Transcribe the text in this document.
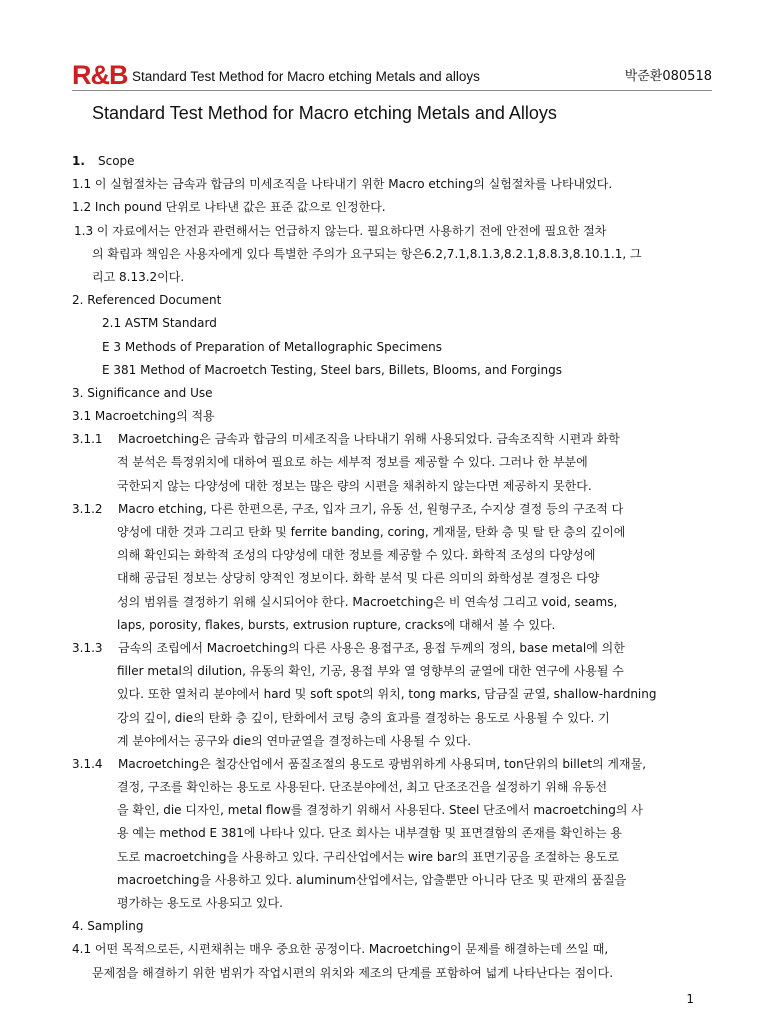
R&B Standard Test Method for Macro etching Metals and alloys	박준환080518
Standard Test Method for Macro etching Metals and Alloys
1. Scope
1.1 이 실험절차는 금속과 합금의 미세조직을 나타내기 위한 Macro etching의 실험절차를 나타내었다.
1.2 Inch pound 단위로 나타낸 값은 표준 값으로 인정한다.
1.3 이 자료에서는 안전과 관련해서는 언급하지 않는다. 필요하다면 사용하기 전에 안전에 필요한 절차
의 확립과 책임은 사용자에게 있다 특별한 주의가 요구되는 항은6.2,7.1,8.1.3,8.2.1,8.8.3,8.10.1.1, 그
리고 8.13.2이다.
2. Referenced Document
2.1 ASTM Standard
E 3 Methods of Preparation of Metallographic Specimens
E 381 Method of Macroetch Testing, Steel bars, Billets, Blooms, and Forgings
3. Significance and Use
3.1 Macroetching의 적용
3.1.1 Macroetching은 금속과 합금의 미세조직을 나타내기 위해 사용되었다. 금속조직학 시편과 화학
적 분석은 특정위치에 대하여 필요로 하는 세부적 정보를 제공할 수 있다. 그러나 한 부분에
국한되지 않는 다양성에 대한 정보는 많은 량의 시편을 채취하지 않는다면 제공하지 못한다.
3.1.2 Macro etching, 다른 한편으론, 구조, 입자 크기, 유동 선, 원형구조, 수지상 결정 등의 구조적 다
양성에 대한 것과 그리고 탄화 및 ferrite banding, coring, 게재물, 탄화 층 및 탈 탄 층의 깊이에
의해 확인되는 화학적 조성의 다양성에 대한 정보를 제공할 수 있다. 화학적 조성의 다양성에
대해 공급된 정보는 상당히 양적인 정보이다. 화학 분석 및 다른 의미의 화학성분 결정은 다양
성의 범위를 결정하기 위해 실시되어야 한다. Macroetching은 비 연속성 그리고 void, seams,
laps, porosity, flakes, bursts, extrusion rupture, cracks에 대해서 볼 수 있다.
3.1.3 금속의 조립에서 Macroetching의 다른 사용은 용접구조, 용접 두께의 정의, base metal에 의한
filler metal의 dilution, 유동의 확인, 기공, 용접 부와 열 영향부의 균열에 대한 연구에 사용될 수
있다. 또한 열처리 분야에서 hard 및 soft spot의 위치, tong marks, 담금질 균열, shallow-hardning
강의 깊이, die의 탄화 층 깊이, 탄화에서 코팅 층의 효과를 결정하는 용도로 사용될 수 있다. 기
계 분야에서는 공구와 die의 연마균열을 결정하는데 사용될 수 있다.
3.1.4 Macroetching은 철강산업에서 품질조절의 용도로 광범위하게 사용되며, ton단위의 billet의 게재물,
결정, 구조를 확인하는 용도로 사용된다. 단조분야에선, 최고 단조조건을 설정하기 위해 유동선
을 확인, die 디자인, metal flow를 결정하기 위해서 사용된다. Steel 단조에서 macroetching의 사
용 예는 method E 381에 나타나 있다. 단조 회사는 내부결함 및 표면결함의 존재를 확인하는 용
도로 macroetching을 사용하고 있다. 구리산업에서는 wire bar의 표면기공을 조절하는 용도로
macroetching을 사용하고 있다. aluminum산업에서는, 압출뿐만 아니라 단조 및 판재의 품질을
평가하는 용도로 사용되고 있다.
4. Sampling
4.1 어떤 목적으로든, 시편채취는 매우 중요한 공정이다. Macroetching이 문제를 해결하는데 쓰일 때,
문제점을 해결하기 위한 범위가 작업시편의 위치와 제조의 단계를 포함하여 넓게 나타난다는 점이다.
1
